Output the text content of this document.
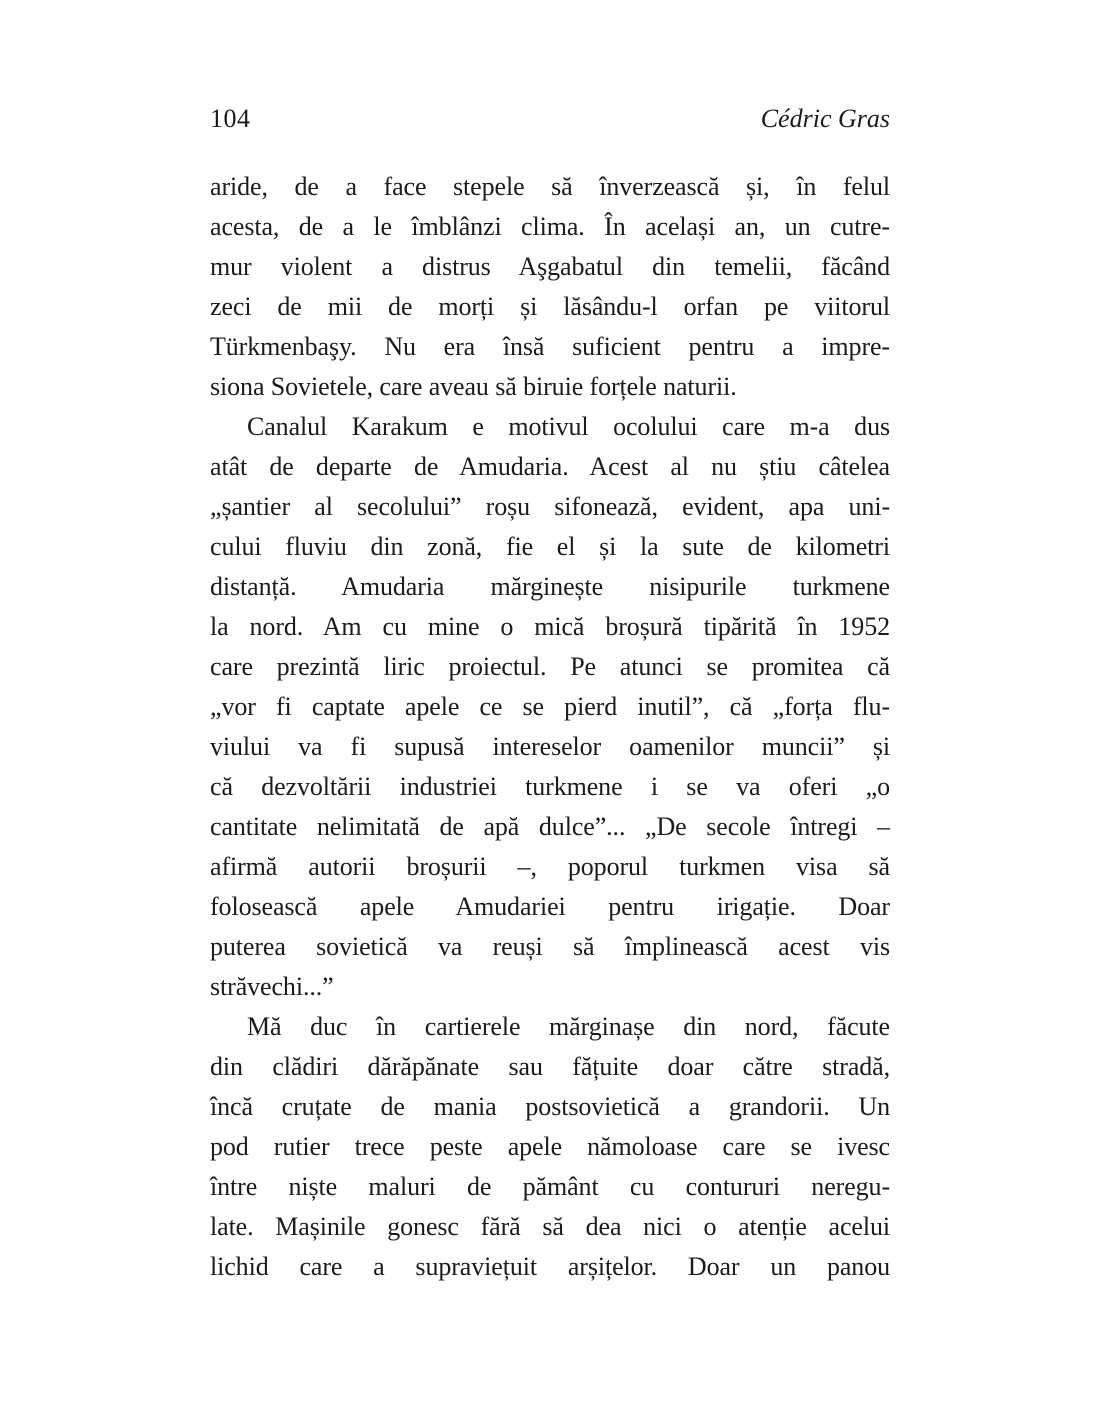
104	Cédric Gras
aride, de a face stepele să înverzească și, în felul
acesta, de a le îmblânzi clima. În același an, un cutre-
mur violent a distrus Aşgabatul din temelii, făcând
zeci de mii de morți și lăsându-l orfan pe viitorul
Türkmenbaşy. Nu era însă suficient pentru a impre-
siona Sovietele, care aveau să biruie forțele naturii.
Canalul Karakum e motivul ocolului care m-a dus
atât de departe de Amudaria. Acest al nu știu câtelea
„șantier al secolului” roșu sifonează, evident, apa uni-
cului fluviu din zonă, fie el și la sute de kilometri
distanță. Amudaria mărginește nisipurile turkmene
la nord. Am cu mine o mică broșură tipărită în 1952
care prezintă liric proiectul. Pe atunci se promitea că
„vor fi captate apele ce se pierd inutil”, că „forța flu-
viului va fi supusă intereselor oamenilor muncii” și
că dezvoltării industriei turkmene i se va oferi „o
cantitate nelimitată de apă dulce”... „De secole întregi –
afirmă autorii broșurii –, poporul turkmen visa să
folosească apele Amudariei pentru irigație. Doar
puterea sovietică va reuși să împlinească acest vis
străvechi...”
Mă duc în cartierele mărginașe din nord, făcute
din clădiri dărăpănate sau fățuite doar către stradă,
încă cruțate de mania postsovietică a grandorii. Un
pod rutier trece peste apele nămoloase care se ivesc
între niște maluri de pământ cu contururi neregu-
late. Mașinile gonesc fără să dea nici o atenție acelui
lichid care a supraviețuit arșițelor. Doar un panou
